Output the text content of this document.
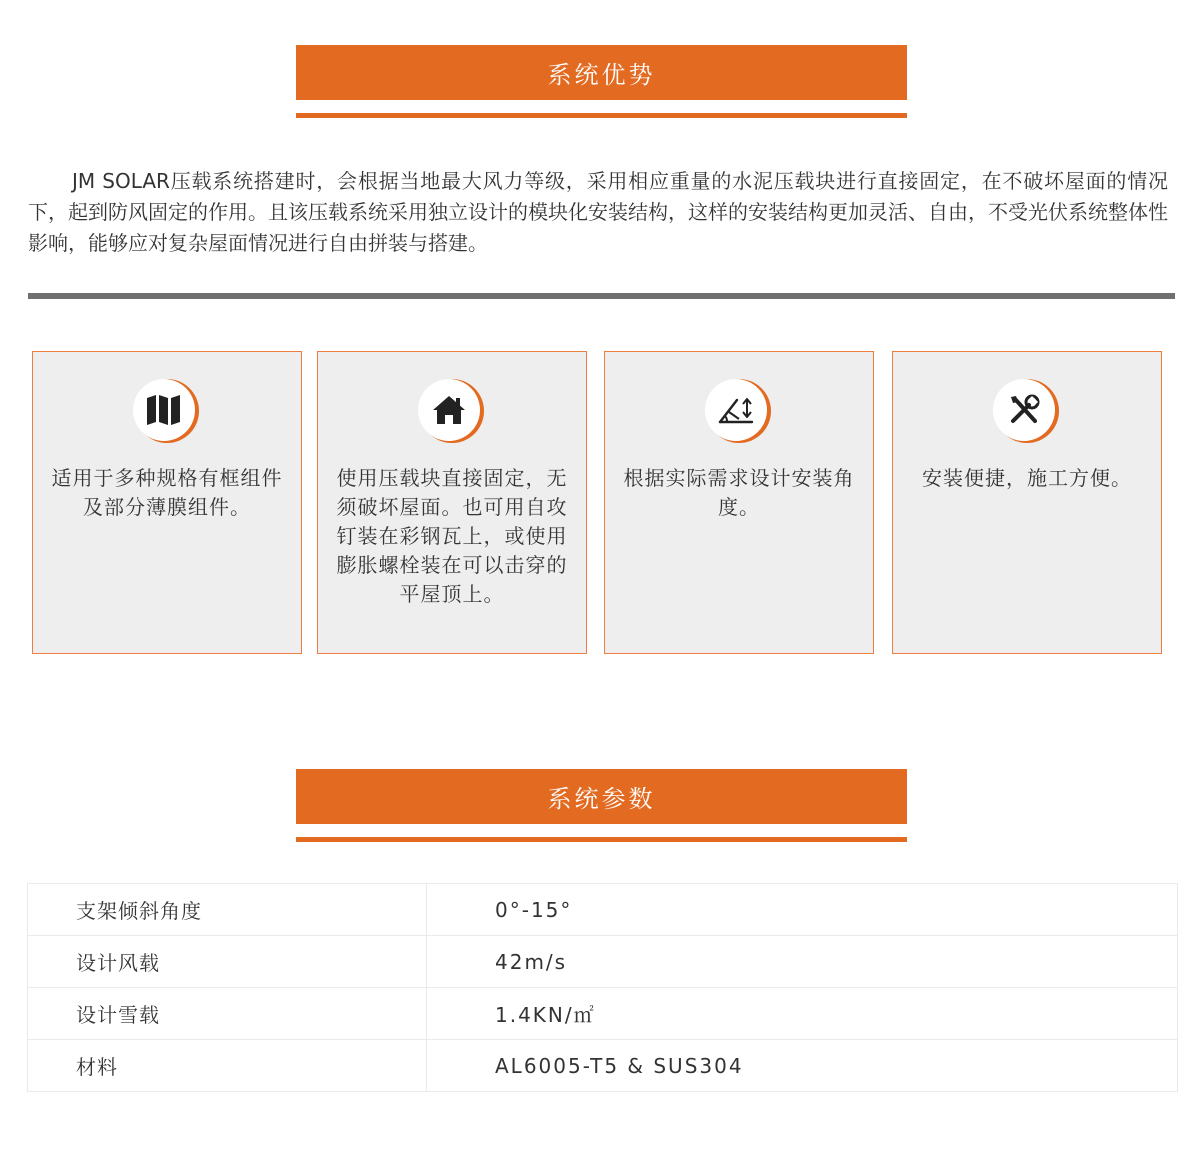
系统优势

JM SOLAR压载系统搭建时，会根据当地最大风力等级，采用相应重量的水泥压载块进行直接固定，在不破坏屋面的情况下，起到防风固定的作用。且该压载系统采用独立设计的模块化安装结构，这样的安装结构更加灵活、自由，不受光伏系统整体性影响，能够应对复杂屋面情况进行自由拼装与搭建。

适用于多种规格有框组件及部分薄膜组件。

使用压载块直接固定，无须破坏屋面。也可用自攻钉装在彩钢瓦上，或使用膨胀螺栓装在可以击穿的平屋顶上。

根据实际需求设计安装角度。

安装便捷，施工方便。

系统参数
支架倾斜角度	0°-15°
设计风载	42m/s
设计雪载	1.4KN/㎡
材料	AL6005-T5 & SUS304
